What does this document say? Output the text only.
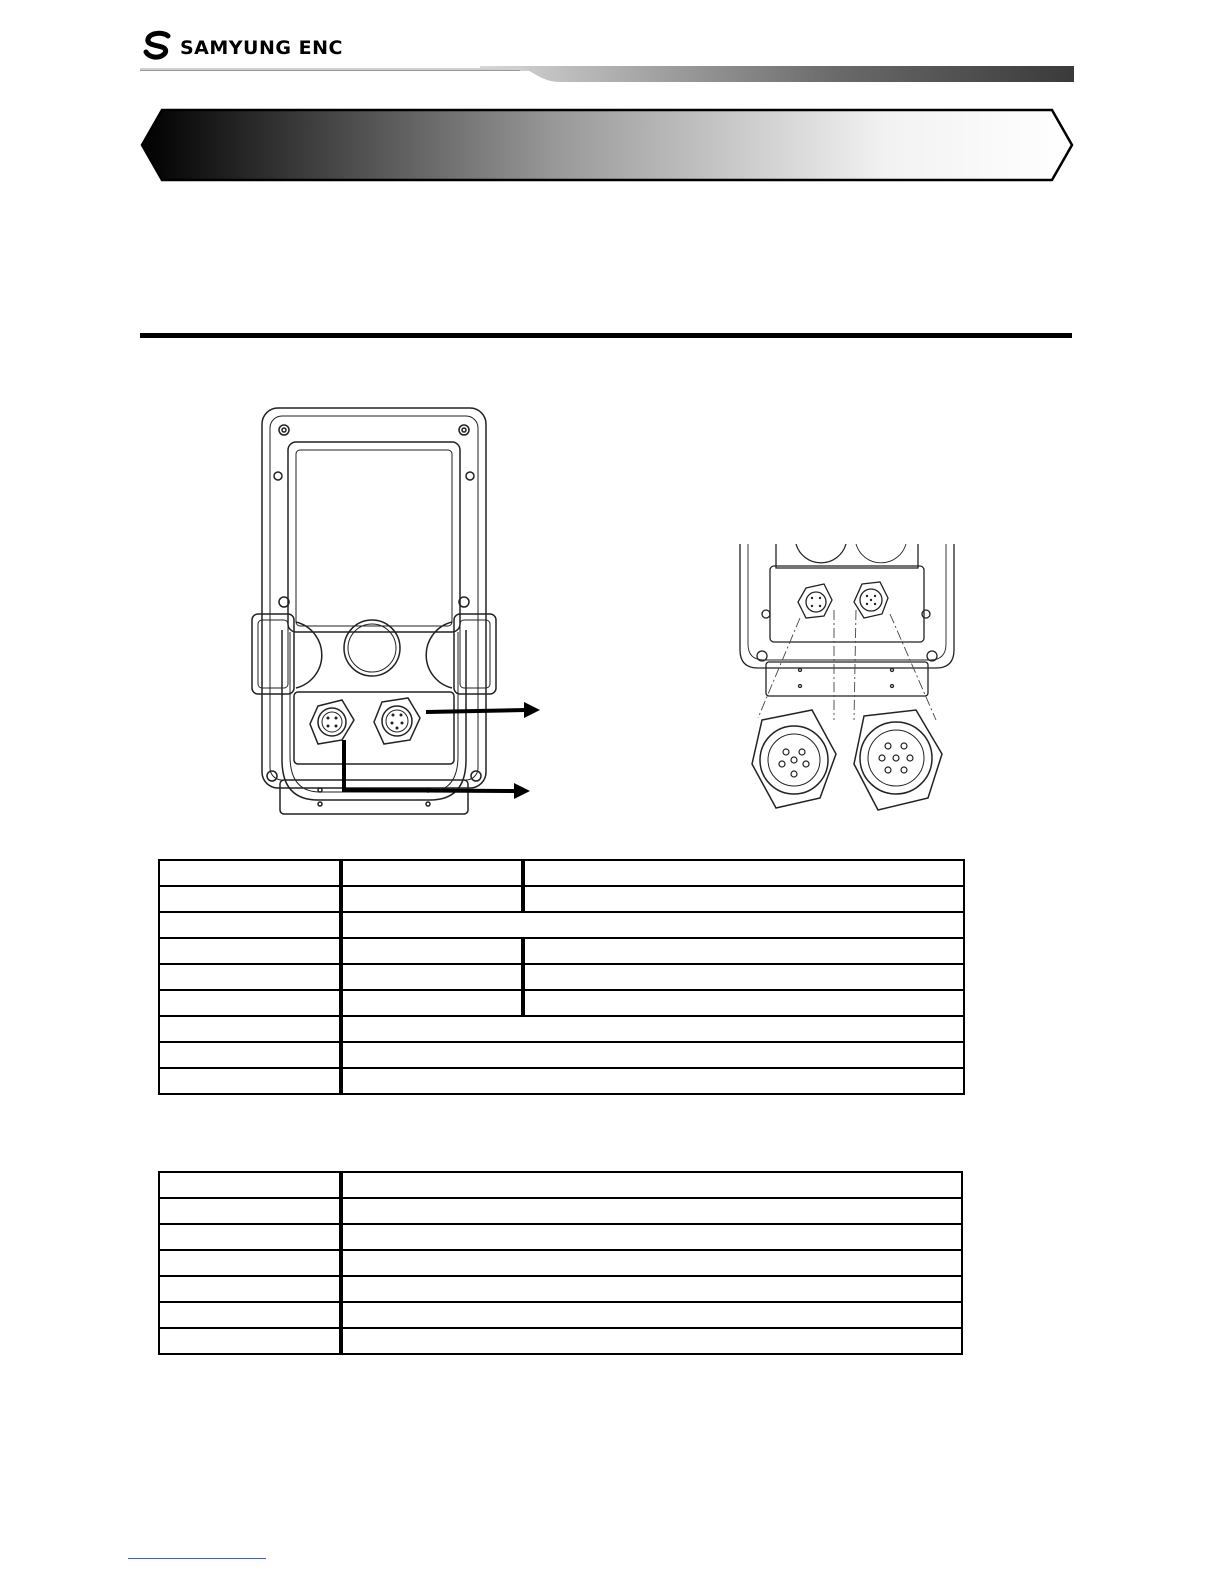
SAMYUNG ENC
